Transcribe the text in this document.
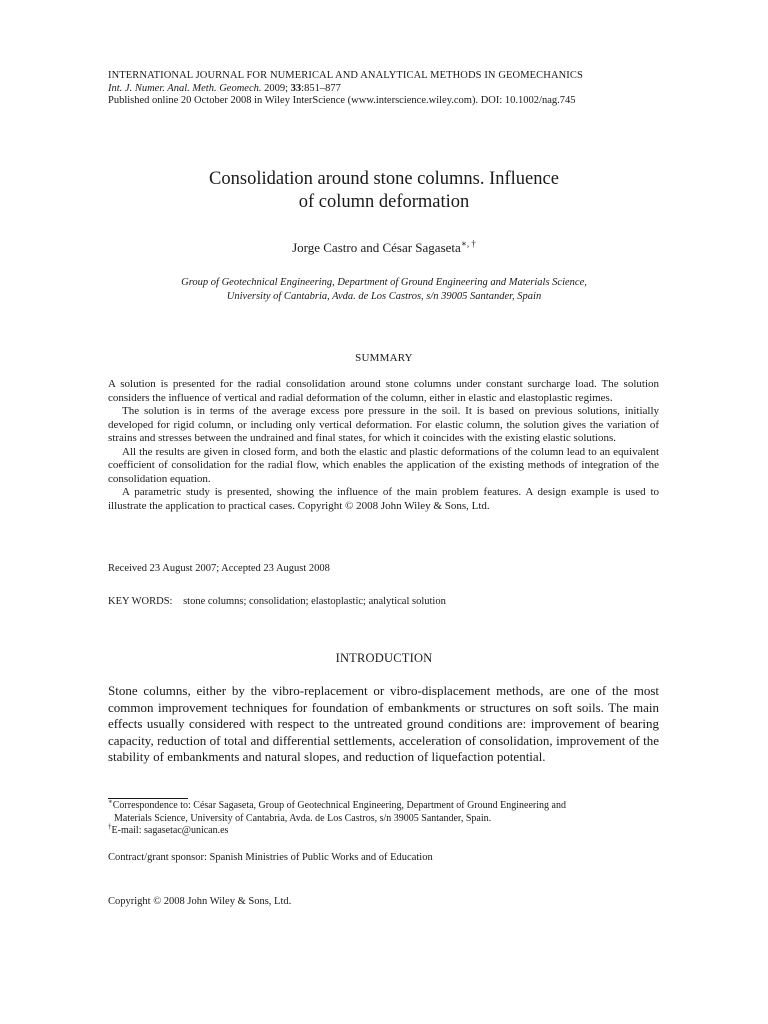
INTERNATIONAL JOURNAL FOR NUMERICAL AND ANALYTICAL METHODS IN GEOMECHANICS
Int. J. Numer. Anal. Meth. Geomech. 2009; 33:851–877
Published online 20 October 2008 in Wiley InterScience (www.interscience.wiley.com). DOI: 10.1002/nag.745
Consolidation around stone columns. Influence
of column deformation
Jorge Castro and César Sagaseta∗, †
Group of Geotechnical Engineering, Department of Ground Engineering and Materials Science,
University of Cantabria, Avda. de Los Castros, s/n 39005 Santander, Spain
SUMMARY

A solution is presented for the radial consolidation around stone columns under constant surcharge load. The solution considers the influence of vertical and radial deformation of the column, either in elastic and elastoplastic regimes.

The solution is in terms of the average excess pore pressure in the soil. It is based on previous solutions, initially developed for rigid column, or including only vertical deformation. For elastic column, the solution gives the variation of strains and stresses between the undrained and final states, for which it coincides with the existing elastic solutions.

All the results are given in closed form, and both the elastic and plastic deformations of the column lead to an equivalent coefficient of consolidation for the radial flow, which enables the application of the existing methods of integration of the consolidation equation.

A parametric study is presented, showing the influence of the main problem features. A design example is used to illustrate the application to practical cases. Copyright © 2008 John Wiley & Sons, Ltd.

Received 23 August 2007; Accepted 23 August 2008
KEY WORDS: stone columns; consolidation; elastoplastic; analytical solution
INTRODUCTION

Stone columns, either by the vibro-replacement or vibro-displacement methods, are one of the most common improvement techniques for foundation of embankments or structures on soft soils. The main effects usually considered with respect to the untreated ground conditions are: improvement of bearing capacity, reduction of total and differential settlements, acceleration of consolidation, improvement of the stability of embankments and natural slopes, and reduction of liquefaction potential.

∗Correspondence to: César Sagaseta, Group of Geotechnical Engineering, Department of Ground Engineering and

Materials Science, University of Cantabria, Avda. de Los Castros, s/n 39005 Santander, Spain.

†E-mail: sagasetac@unican.es

Contract/grant sponsor: Spanish Ministries of Public Works and of Education
Copyright © 2008 John Wiley & Sons, Ltd.
